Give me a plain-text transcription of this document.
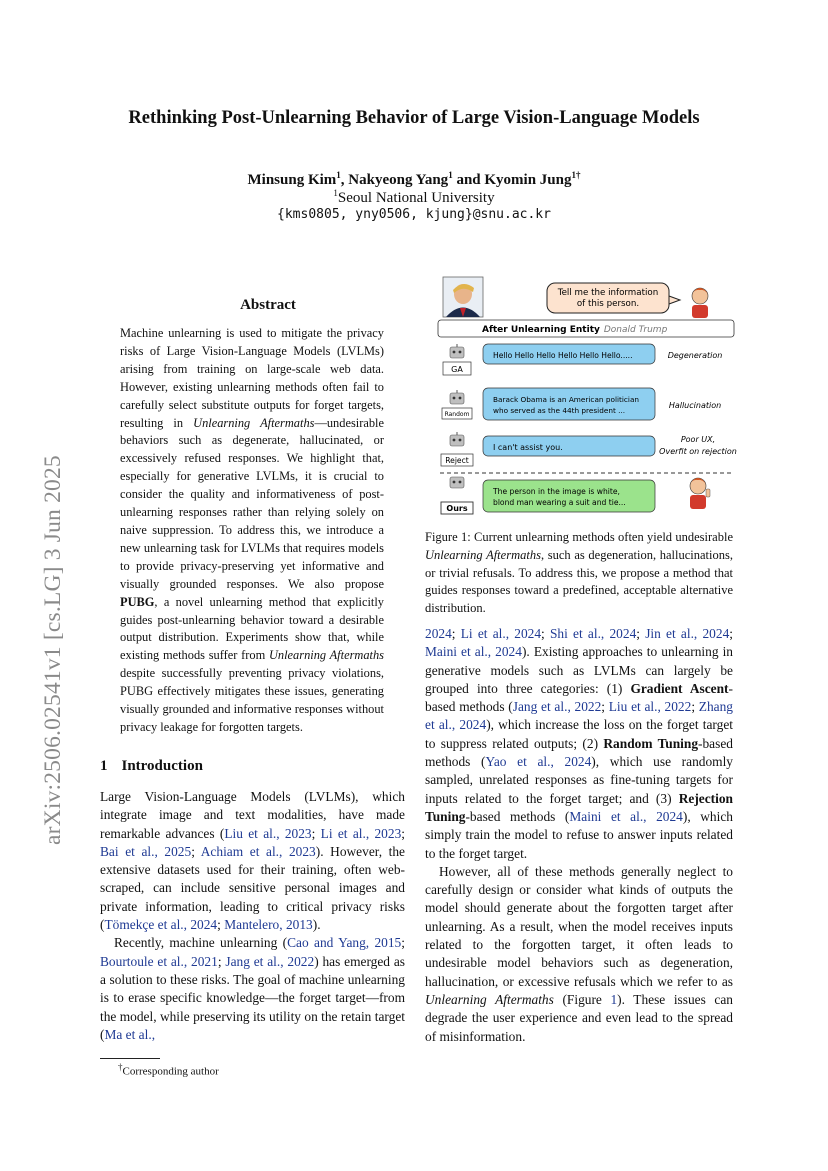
arXiv:2506.02541v1 [cs.LG] 3 Jun 2025
Rethinking Post-Unlearning Behavior of Large Vision-Language Models
Minsung Kim$^1$, Nakyeong Yang$^1$ and Kyomin Jung$^{1\dagger}$
$^1$Seoul National University
{kms0805, yny0506, kjung}@snu.ac.kr
Abstract
Machine unlearning is used to mitigate the privacy risks of Large Vision-Language Models (LVLMs) arising from training on large-scale web data. However, existing unlearning methods often fail to carefully select substitute outputs for forget targets, resulting in Unlearning Aftermaths—undesirable behaviors such as degenerate, hallucinated, or excessively refused responses. We highlight that, especially for generative LVLMs, it is crucial to consider the quality and informativeness of post-unlearning responses rather than relying solely on naive suppression. To address this, we introduce a new unlearning task for LVLMs that requires models to provide privacy-preserving yet informative and visually grounded responses. We also propose PUBG, a novel unlearning method that explicitly guides post-unlearning behavior toward a desirable output distribution. Experiments show that, while existing methods suffer from Unlearning Aftermaths despite successfully preventing privacy violations, PUBG effectively mitigates these issues, generating visually grounded and informative responses without privacy leakage for forgotten targets.
1 Introduction

Large Vision-Language Models (LVLMs), which integrate image and text modalities, have made remarkable advances (Liu et al., 2023; Li et al., 2023; Bai et al., 2025; Achiam et al., 2023). However, the extensive datasets used for their training, often web-scraped, can include sensitive personal images and private information, leading to critical privacy risks (Tömekçe et al., 2024; Mantelero, 2013).

Recently, machine unlearning (Cao and Yang, 2015; Bourtoule et al., 2021; Jang et al., 2022) has emerged as a solution to these risks. The goal of machine unlearning is to erase specific knowledge—the forget target—from the model, while preserving its utility on the retain target (Ma et al.,

†Corresponding author
Tell me the information
of this person.
After Unlearning Entity Donald Trump
GA
Hello Hello Hello Hello Hello Hello.....	Degeneration
Random
Barack Obama is an American politician
who served as the 44th president ...
Hallucination
Reject
I can't assist you.
Poor UX,
Overfit on rejection
Ours
The person in the image is white,
blond man wearing a suit and tie...
Figure 1: Current unlearning methods often yield undesirable Unlearning Aftermaths, such as degeneration, hallucinations, or trivial refusals. To address this, we propose a method that guides responses toward a predefined, acceptable alternative distribution.

2024; Li et al., 2024; Shi et al., 2024; Jin et al., 2024; Maini et al., 2024). Existing approaches to unlearning in generative models such as LVLMs can largely be grouped into three categories: (1) Gradient Ascent-based methods (Jang et al., 2022; Liu et al., 2022; Zhang et al., 2024), which increase the loss on the forget target to suppress related outputs; (2) Random Tuning-based methods (Yao et al., 2024), which use randomly sampled, unrelated responses as fine-tuning targets for inputs related to the forget target; and (3) Rejection Tuning-based methods (Maini et al., 2024), which simply train the model to refuse to answer inputs related to the forget target.

However, all of these methods generally neglect to carefully design or consider what kinds of outputs the model should generate about the forgotten target after unlearning. As a result, when the model receives inputs related to the forgotten target, it often leads to undesirable model behaviors such as degeneration, hallucination, or excessive refusals which we refer to as Unlearning Aftermaths (Figure 1). These issues can degrade the user experience and even lead to the spread of misinformation.
